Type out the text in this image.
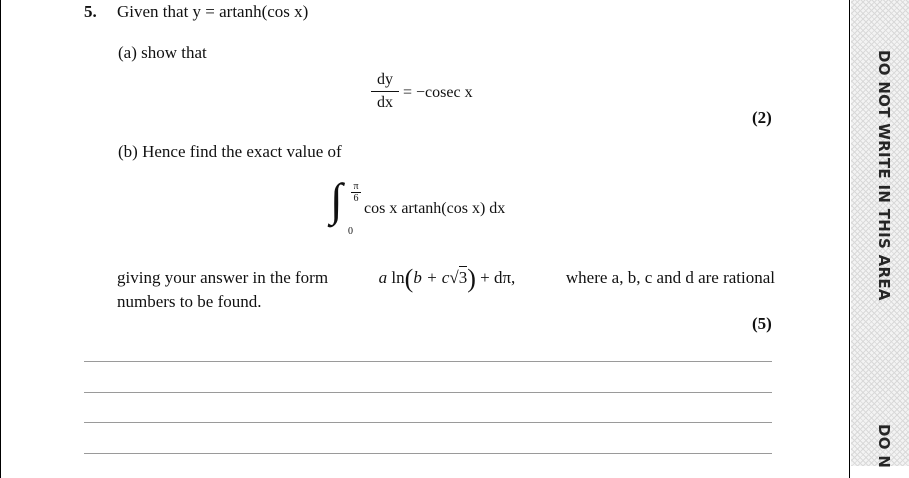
5. Given that y = artanh(cos x)
(a) show that
dy
dx
= −cosec x
(2)
(b) Hence find the exact value of
∫ π
6
0
cos x artanh(cos x) dx
giving your answer in the form	a ln(b + c√3) + dπ,	where a, b, c and d are rational
numbers to be found.
(5)
DO NOT WRITE IN THIS AREA
DO N
